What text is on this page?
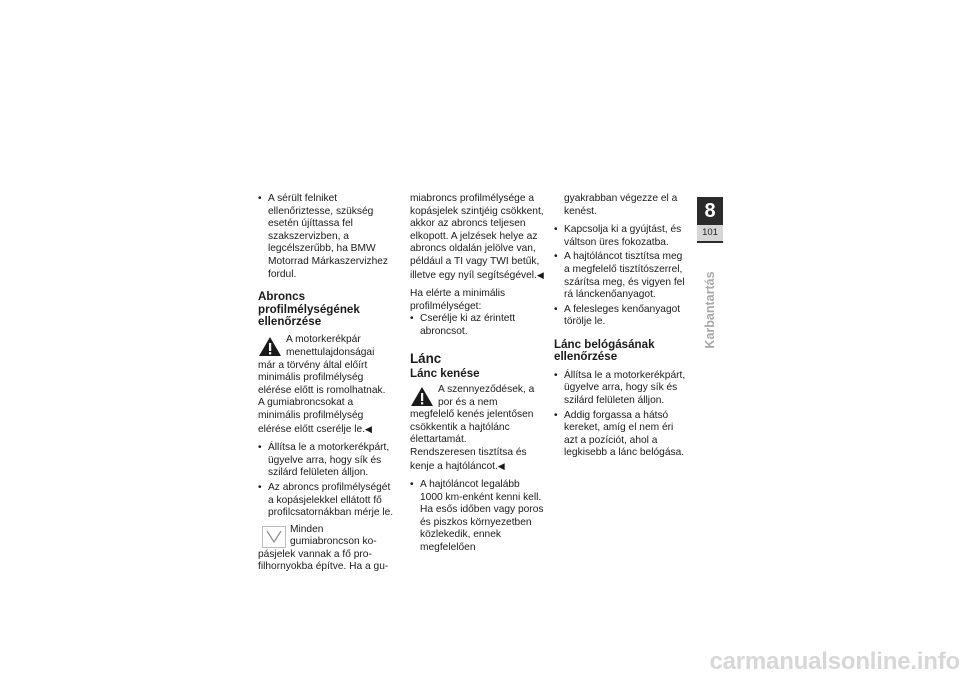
• A sérült felniket ellenőriztesse, szükség esetén újíttassa fel szakszervizben, a legcélszerűbb, ha BMW Motorrad Márkaszervizhez fordul.
Abroncs profilmélységének ellenőrzése
A motorkerékpár menettulajdonságai már a törvény által előírt minimális profilmélység elérése előtt is romolhatnak.

A gumiabroncsokat a minimális profilmélység elérése előtt cserélje le.◀

• Állítsa le a motorkerékpárt, ügyelve arra, hogy sík és szilárd felületen álljon.
• Az abroncs profilmélységét a kopásjelekkel ellátott fő profilcsatornákban mérje le.
Minden gumiabroncson kopásjelek vannak a fő profilhornyokba építve. Ha a gu-

miabroncs profilmélysége a kopásjelek szintjéig csökkent, akkor az abroncs teljesen elkopott. A jelzések helye az abroncs oldalán jelölve van, például a TI vagy TWI betűk, illetve egy nyíl segítségével.◀

Ha elérte a minimális profilmélységet:

• Cserélje ki az érintett abroncsot.
Lánc
Lánc kenése
A szennyeződések, a por és a nem megfelelő kenés jelentősen csökkentik a hajtólánc élettartamát.

Rendszeresen tisztítsa és kenje a hajtóláncot.◀

• A hajtóláncot legalább 1000 km-enként kenni kell. Ha esős időben vagy poros és piszkos környezetben közlekedik, ennek megfelelően

gyakrabban végezze el a kenést.

• Kapcsolja ki a gyújtást, és váltson üres fokozatba.
• A hajtóláncot tisztítsa meg a megfelelő tisztítószerrel, szárítsa meg, és vigyen fel rá lánckenőanyagot.
• A felesleges kenőanyagot törölje le.
Lánc belógásának ellenőrzése
• Állítsa le a motorkerékpárt, ügyelve arra, hogy sík és szilárd felületen álljon.
• Addig forgassa a hátsó kereket, amíg el nem éri azt a pozíciót, ahol a legkisebb a lánc belógása.
8
101
Karbantartás
carmanualsonline.info
